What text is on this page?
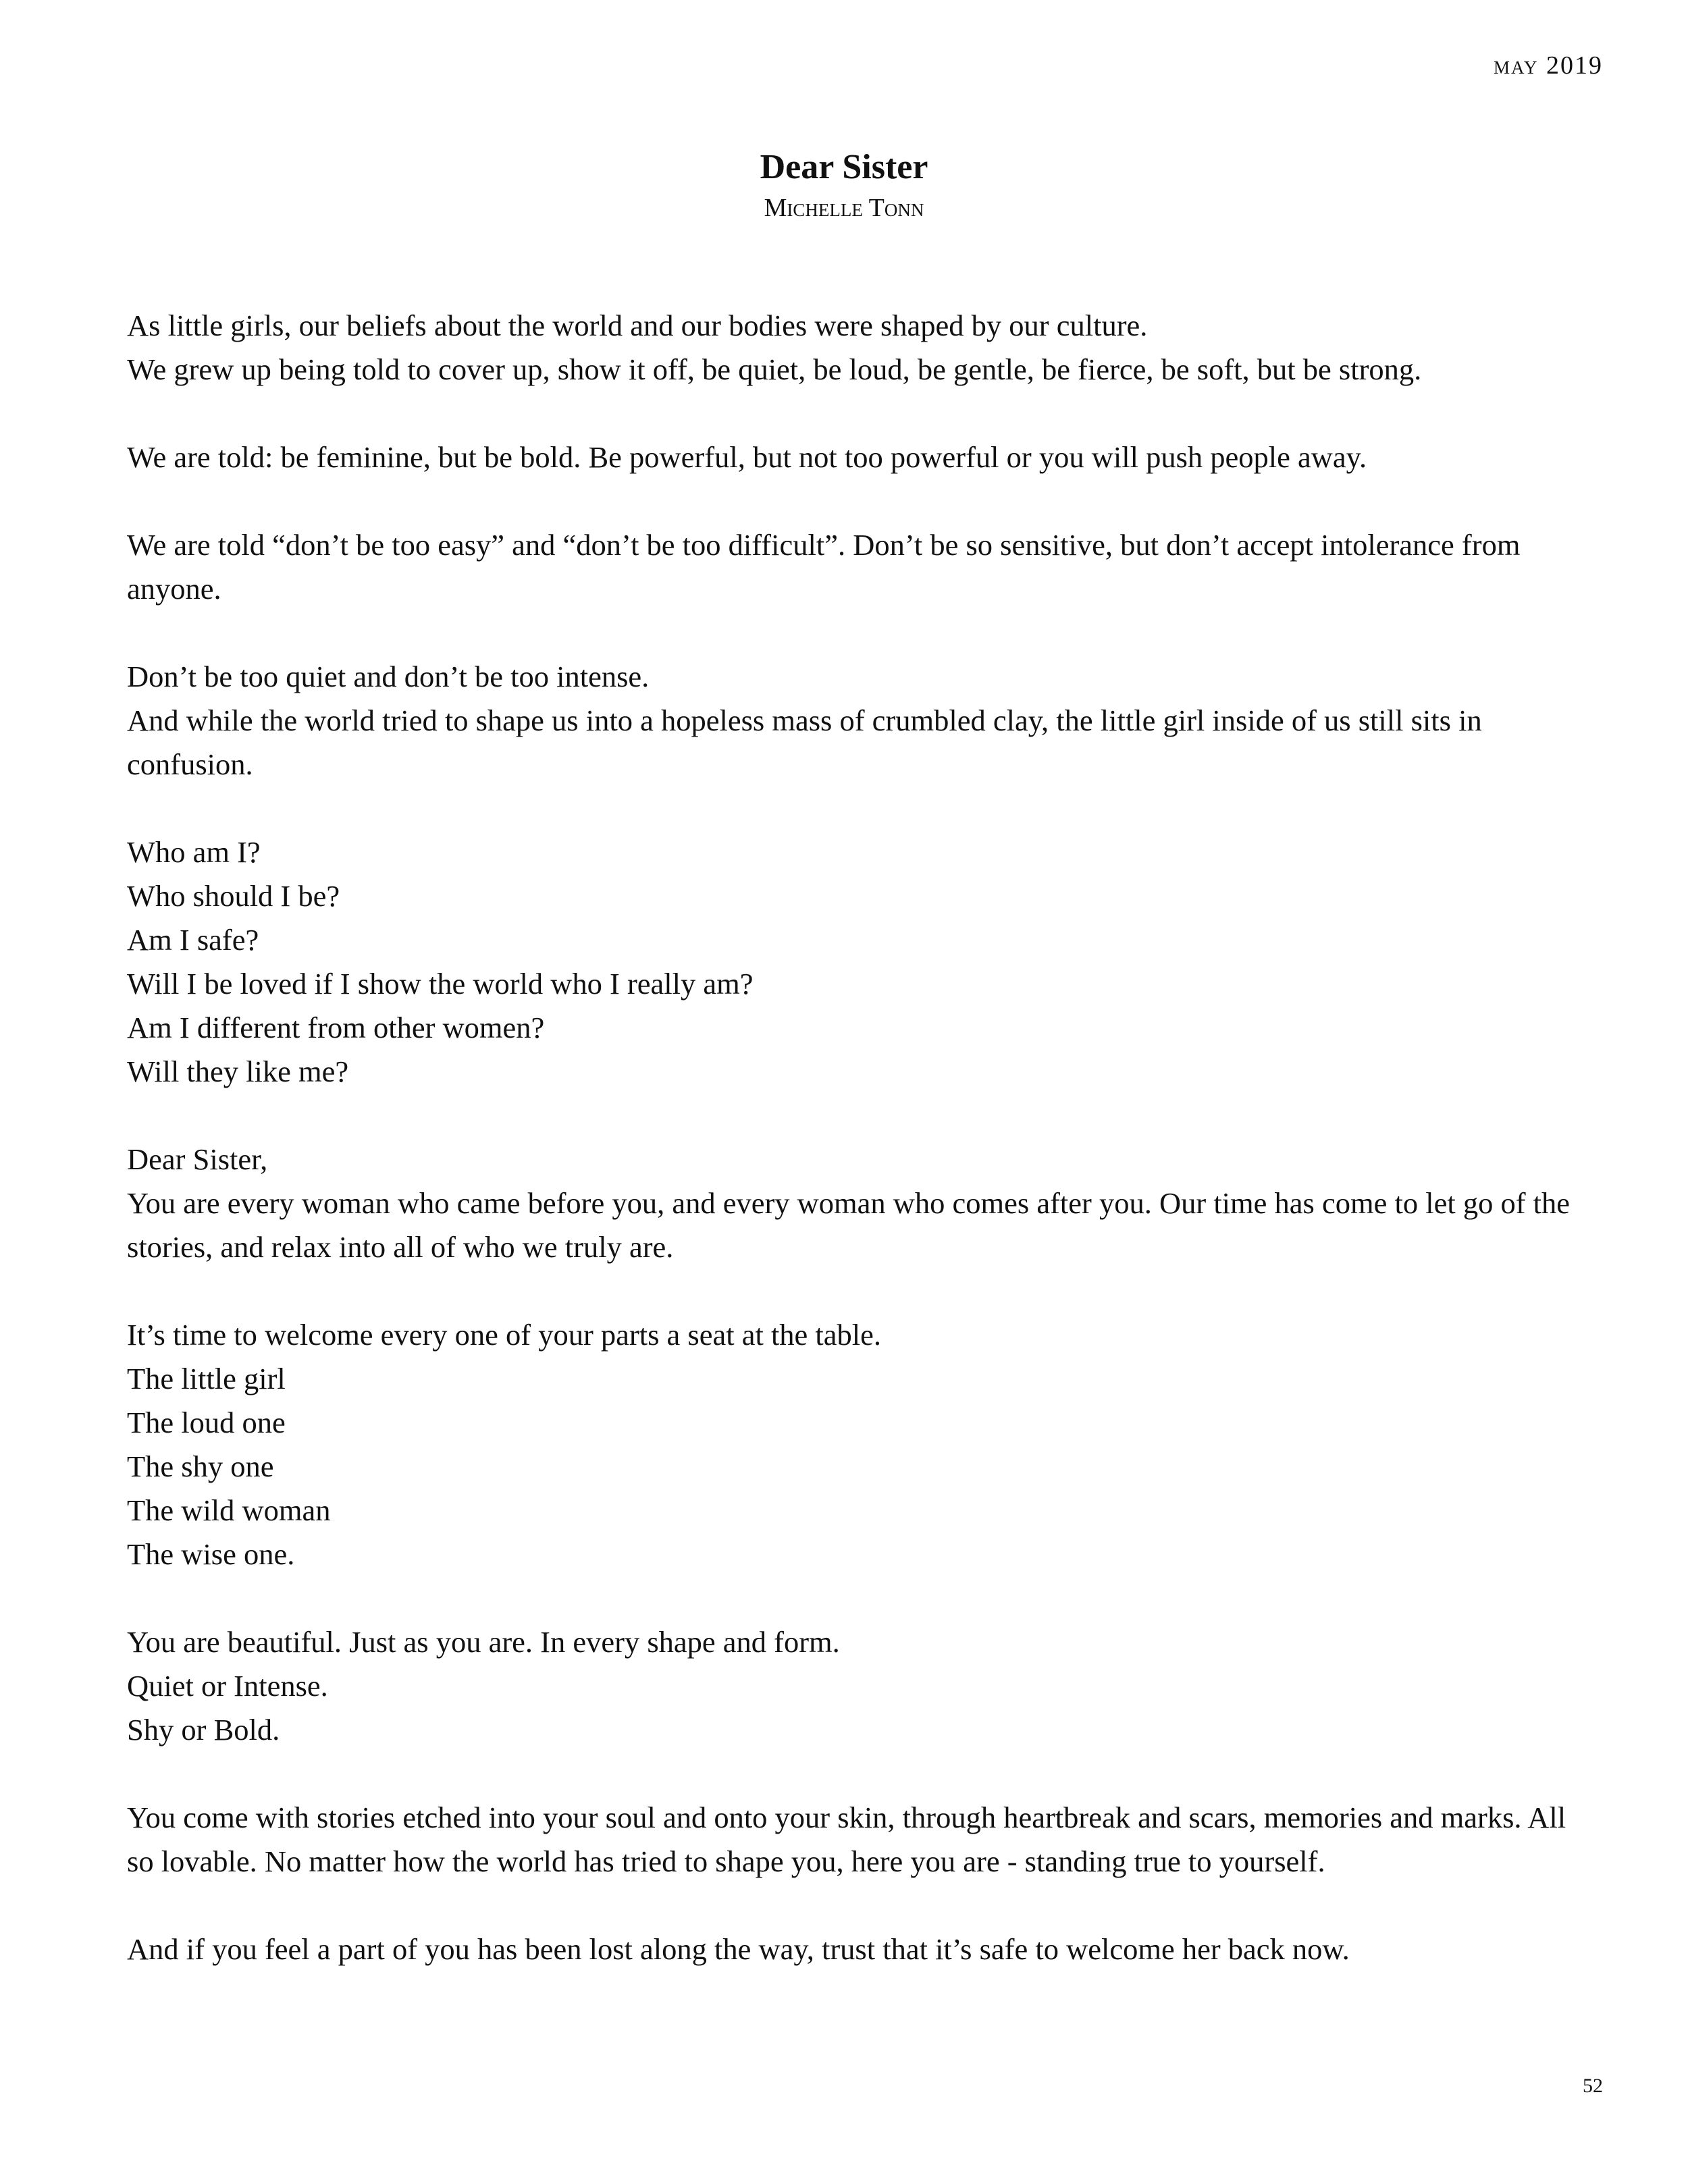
may 2019
Dear Sister
Michelle Tonn

As little girls, our beliefs about the world and our bodies were shaped by our culture.
We grew up being told to cover up, show it off, be quiet, be loud, be gentle, be fierce, be soft, but be strong.

We are told: be feminine, but be bold. Be powerful, but not too powerful or you will push people away.

We are told “don’t be too easy” and “don’t be too difficult”. Don’t be so sensitive, but don’t accept intolerance from anyone.

Don’t be too quiet and don’t be too intense.
And while the world tried to shape us into a hopeless mass of crumbled clay, the little girl inside of us still sits in confusion.

Who am I?
Who should I be?
Am I safe?
Will I be loved if I show the world who I really am?
Am I different from other women?
Will they like me?

Dear Sister,
You are every woman who came before you, and every woman who comes after you. Our time has come to let go of the stories, and relax into all of who we truly are.

It’s time to welcome every one of your parts a seat at the table.
The little girl
The loud one
The shy one
The wild woman
The wise one.

You are beautiful. Just as you are. In every shape and form.
Quiet or Intense.
Shy or Bold.

You come with stories etched into your soul and onto your skin, through heartbreak and scars, memories and marks. All so lovable. No matter how the world has tried to shape you, here you are - standing true to yourself.

And if you feel a part of you has been lost along the way, trust that it’s safe to welcome her back now.

52
